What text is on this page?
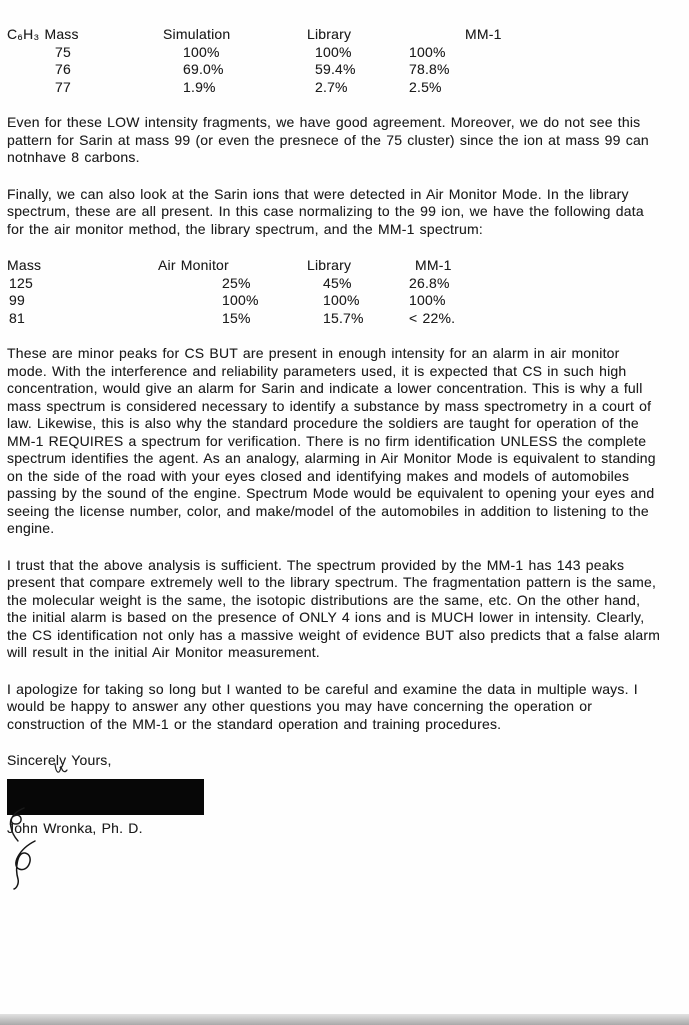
C₆H₃ Mass	Simulation	Library	MM-1
75	100%	100%	100%
76	69.0%	59.4%	78.8%
77	1.9%	2.7%	2.5%

Even for these LOW intensity fragments, we have good agreement. Moreover, we do not see this pattern for Sarin at mass 99 (or even the presnece of the 75 cluster) since the ion at mass 99 can notnhave 8 carbons.

Finally, we can also look at the Sarin ions that were detected in Air Monitor Mode. In the library spectrum, these are all present. In this case normalizing to the 99 ion, we have the following data for the air monitor method, the library spectrum, and the MM-1 spectrum:

Mass	Air Monitor	Library	MM-1
125	25%	45%	26.8%
99	100%	100%	100%
81	15%	15.7%	< 22%.

These are minor peaks for CS BUT are present in enough intensity for an alarm in air monitor mode. With the interference and reliability parameters used, it is expected that CS in such high concentration, would give an alarm for Sarin and indicate a lower concentration. This is why a full mass spectrum is considered necessary to identify a substance by mass spectrometry in a court of law. Likewise, this is also why the standard procedure the soldiers are taught for operation of the MM-1 REQUIRES a spectrum for verification. There is no firm identification UNLESS the complete spectrum identifies the agent. As an analogy, alarming in Air Monitor Mode is equivalent to standing on the side of the road with your eyes closed and identifying makes and models of automobiles passing by the sound of the engine. Spectrum Mode would be equivalent to opening your eyes and seeing the license number, color, and make/model of the automobiles in addition to listening to the engine.

I trust that the above analysis is sufficient. The spectrum provided by the MM-1 has 143 peaks present that compare extremely well to the library spectrum. The fragmentation pattern is the same, the molecular weight is the same, the isotopic distributions are the same, etc. On the other hand, the initial alarm is based on the presence of ONLY 4 ions and is MUCH lower in intensity. Clearly, the CS identification not only has a massive weight of evidence BUT also predicts that a false alarm will result in the initial Air Monitor measurement.

I apologize for taking so long but I wanted to be careful and examine the data in multiple ways. I would be happy to answer any other questions you may have concerning the operation or construction of the MM-1 or the standard operation and training procedures.

Sincerely Yours,
John Wronka, Ph. D.
